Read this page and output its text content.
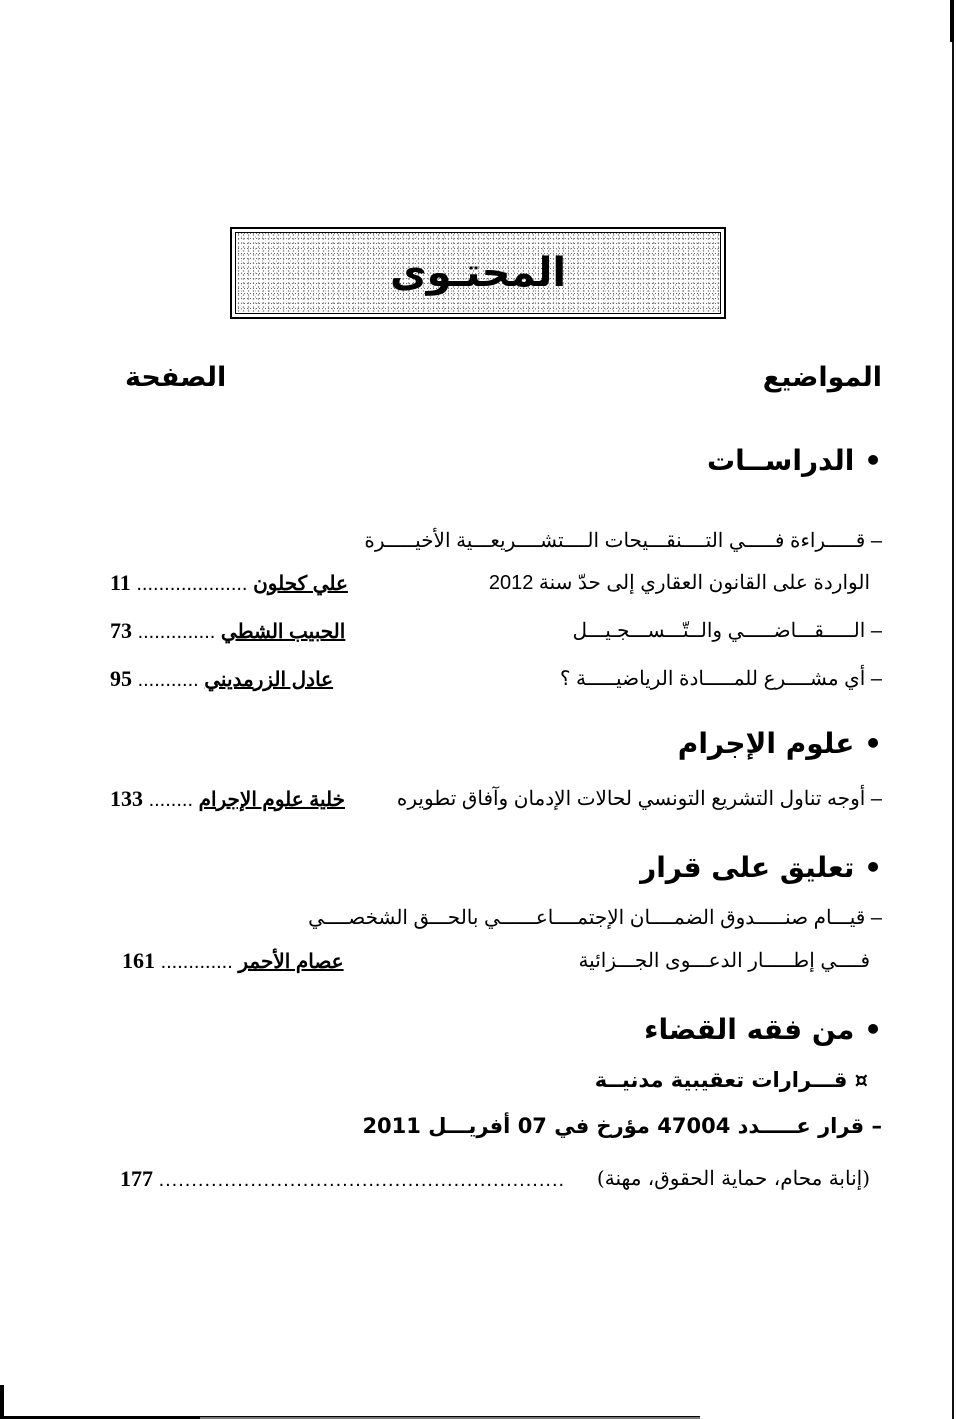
المحتـوى
المواضيع
الصفحة
• الدراســات
– قـــــراءة فـــــي التــــنقـــيحات الــــتشــــريعـــية الأخيـــــرة
الواردة على القانون العقاري إلى حدّ سنة 2012
11 .................... علي كحلون
– الـــــقـــاضـــــي والــتّـــســـجـيـــل
73 .............. الحبيب الشطي
– أي مشــــرع للمـــــادة الرياضيـــــة ؟
95 ........... عادل الزرمديني
• علوم الإجرام
– أوجه تناول التشريع التونسي لحالات الإدمان وآفاق تطويره
133 ........ خلية علوم الإجرام
• تعليق على قرار
– قيـــام صنـــــدوق الضمــــان الإجتمــــاعــــــي بالحـــق الشخصــــي
فــــي إطـــــار الدعـــوى الجـــزائية
161 ............. عصام الأحمر
• من فقه القضاء
¤ قـــرارات تعقيبية مدنيــة
– قرار عـــــدد 47004 مؤرخ في 07 أفريـــل 2011
(إنابة محام، حماية الحقوق، مهنة)
177 ..............................................................
